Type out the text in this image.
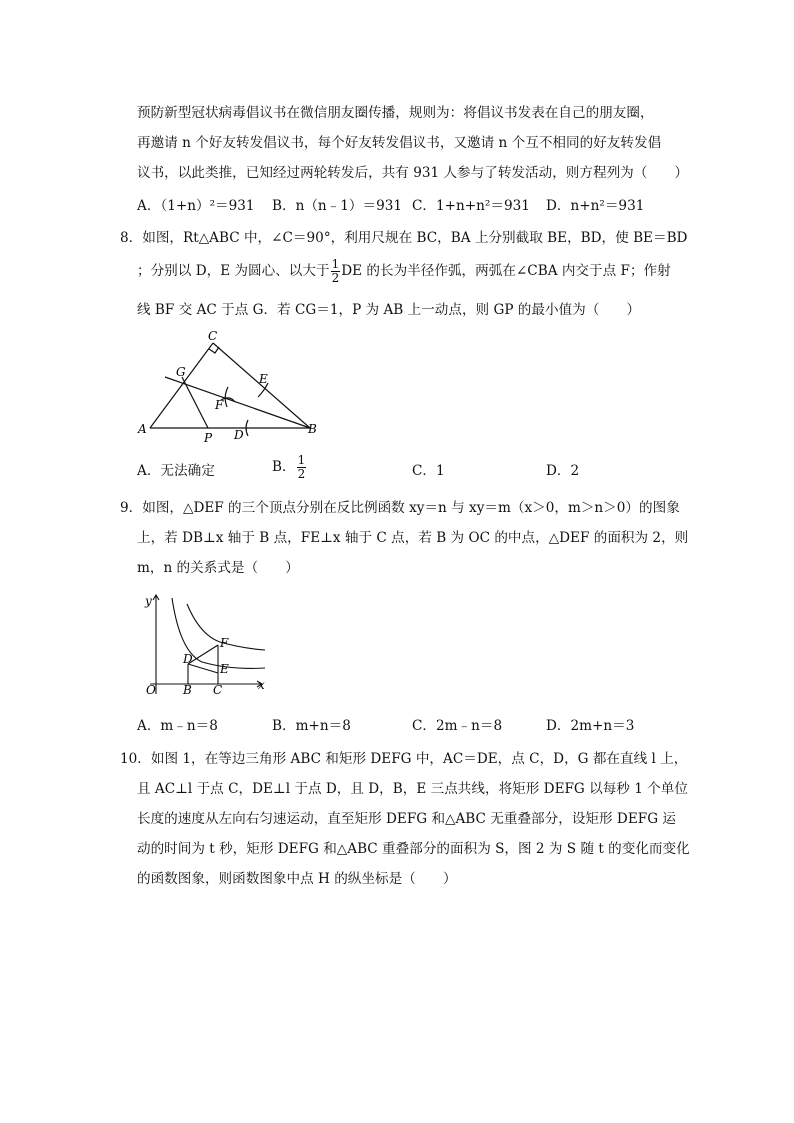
预防新型冠状病毒倡议书在微信朋友圈传播，规则为：将倡议书发表在自己的朋友圈，
再邀请 n 个好友转发倡议书，每个好友转发倡议书，又邀请 n 个互不相同的好友转发倡
议书，以此类推，已知经过两轮转发后，共有 931 人参与了转发活动，则方程列为（　　）
A．（1+n）²＝931 B．n（n﹣1）＝931 C．1+n+n²＝931 D．n+n²＝931
8．如图，Rt△ABC 中，∠C＝90°，利用尺规在 BC，BA 上分别截取 BE，BD，使 BE＝BD
；分别以 D，E 为圆心、以大于 $\frac{1}{2}$ DE 的长为半径作弧，两弧在∠CBA 内交于点 F；作射
线 BF 交 AC 于点 G．若 CG＝1，P 为 AB 上一动点，则 GP 的最小值为（　　）
C
G	E
F
A
P D	B
A．无法确定	B． $\frac{1}{2}$	C．1	D．2
9．如图，△DEF 的三个顶点分别在反比例函数 xy＝n 与 xy＝m（x＞0，m＞n＞0）的图象
上，若 DB⊥x 轴于 B 点，FE⊥x 轴于 C 点，若 B 为 OC 的中点，△DEF 的面积为 2，则
m，n 的关系式是（　　）
y
x
O B C
D
E
F
A．m﹣n＝8	B．m+n＝8	C．2m﹣n＝8	D．2m+n＝3
10．如图 1，在等边三角形 ABC 和矩形 DEFG 中，AC＝DE，点 C，D，G 都在直线 l 上，
且 AC⊥l 于点 C，DE⊥l 于点 D，且 D，B，E 三点共线，将矩形 DEFG 以每秒 1 个单位
长度的速度从左向右匀速运动，直至矩形 DEFG 和△ABC 无重叠部分，设矩形 DEFG 运
动的时间为 t 秒，矩形 DEFG 和△ABC 重叠部分的面积为 S，图 2 为 S 随 t 的变化而变化
的函数图象，则函数图象中点 H 的纵坐标是（　　）
